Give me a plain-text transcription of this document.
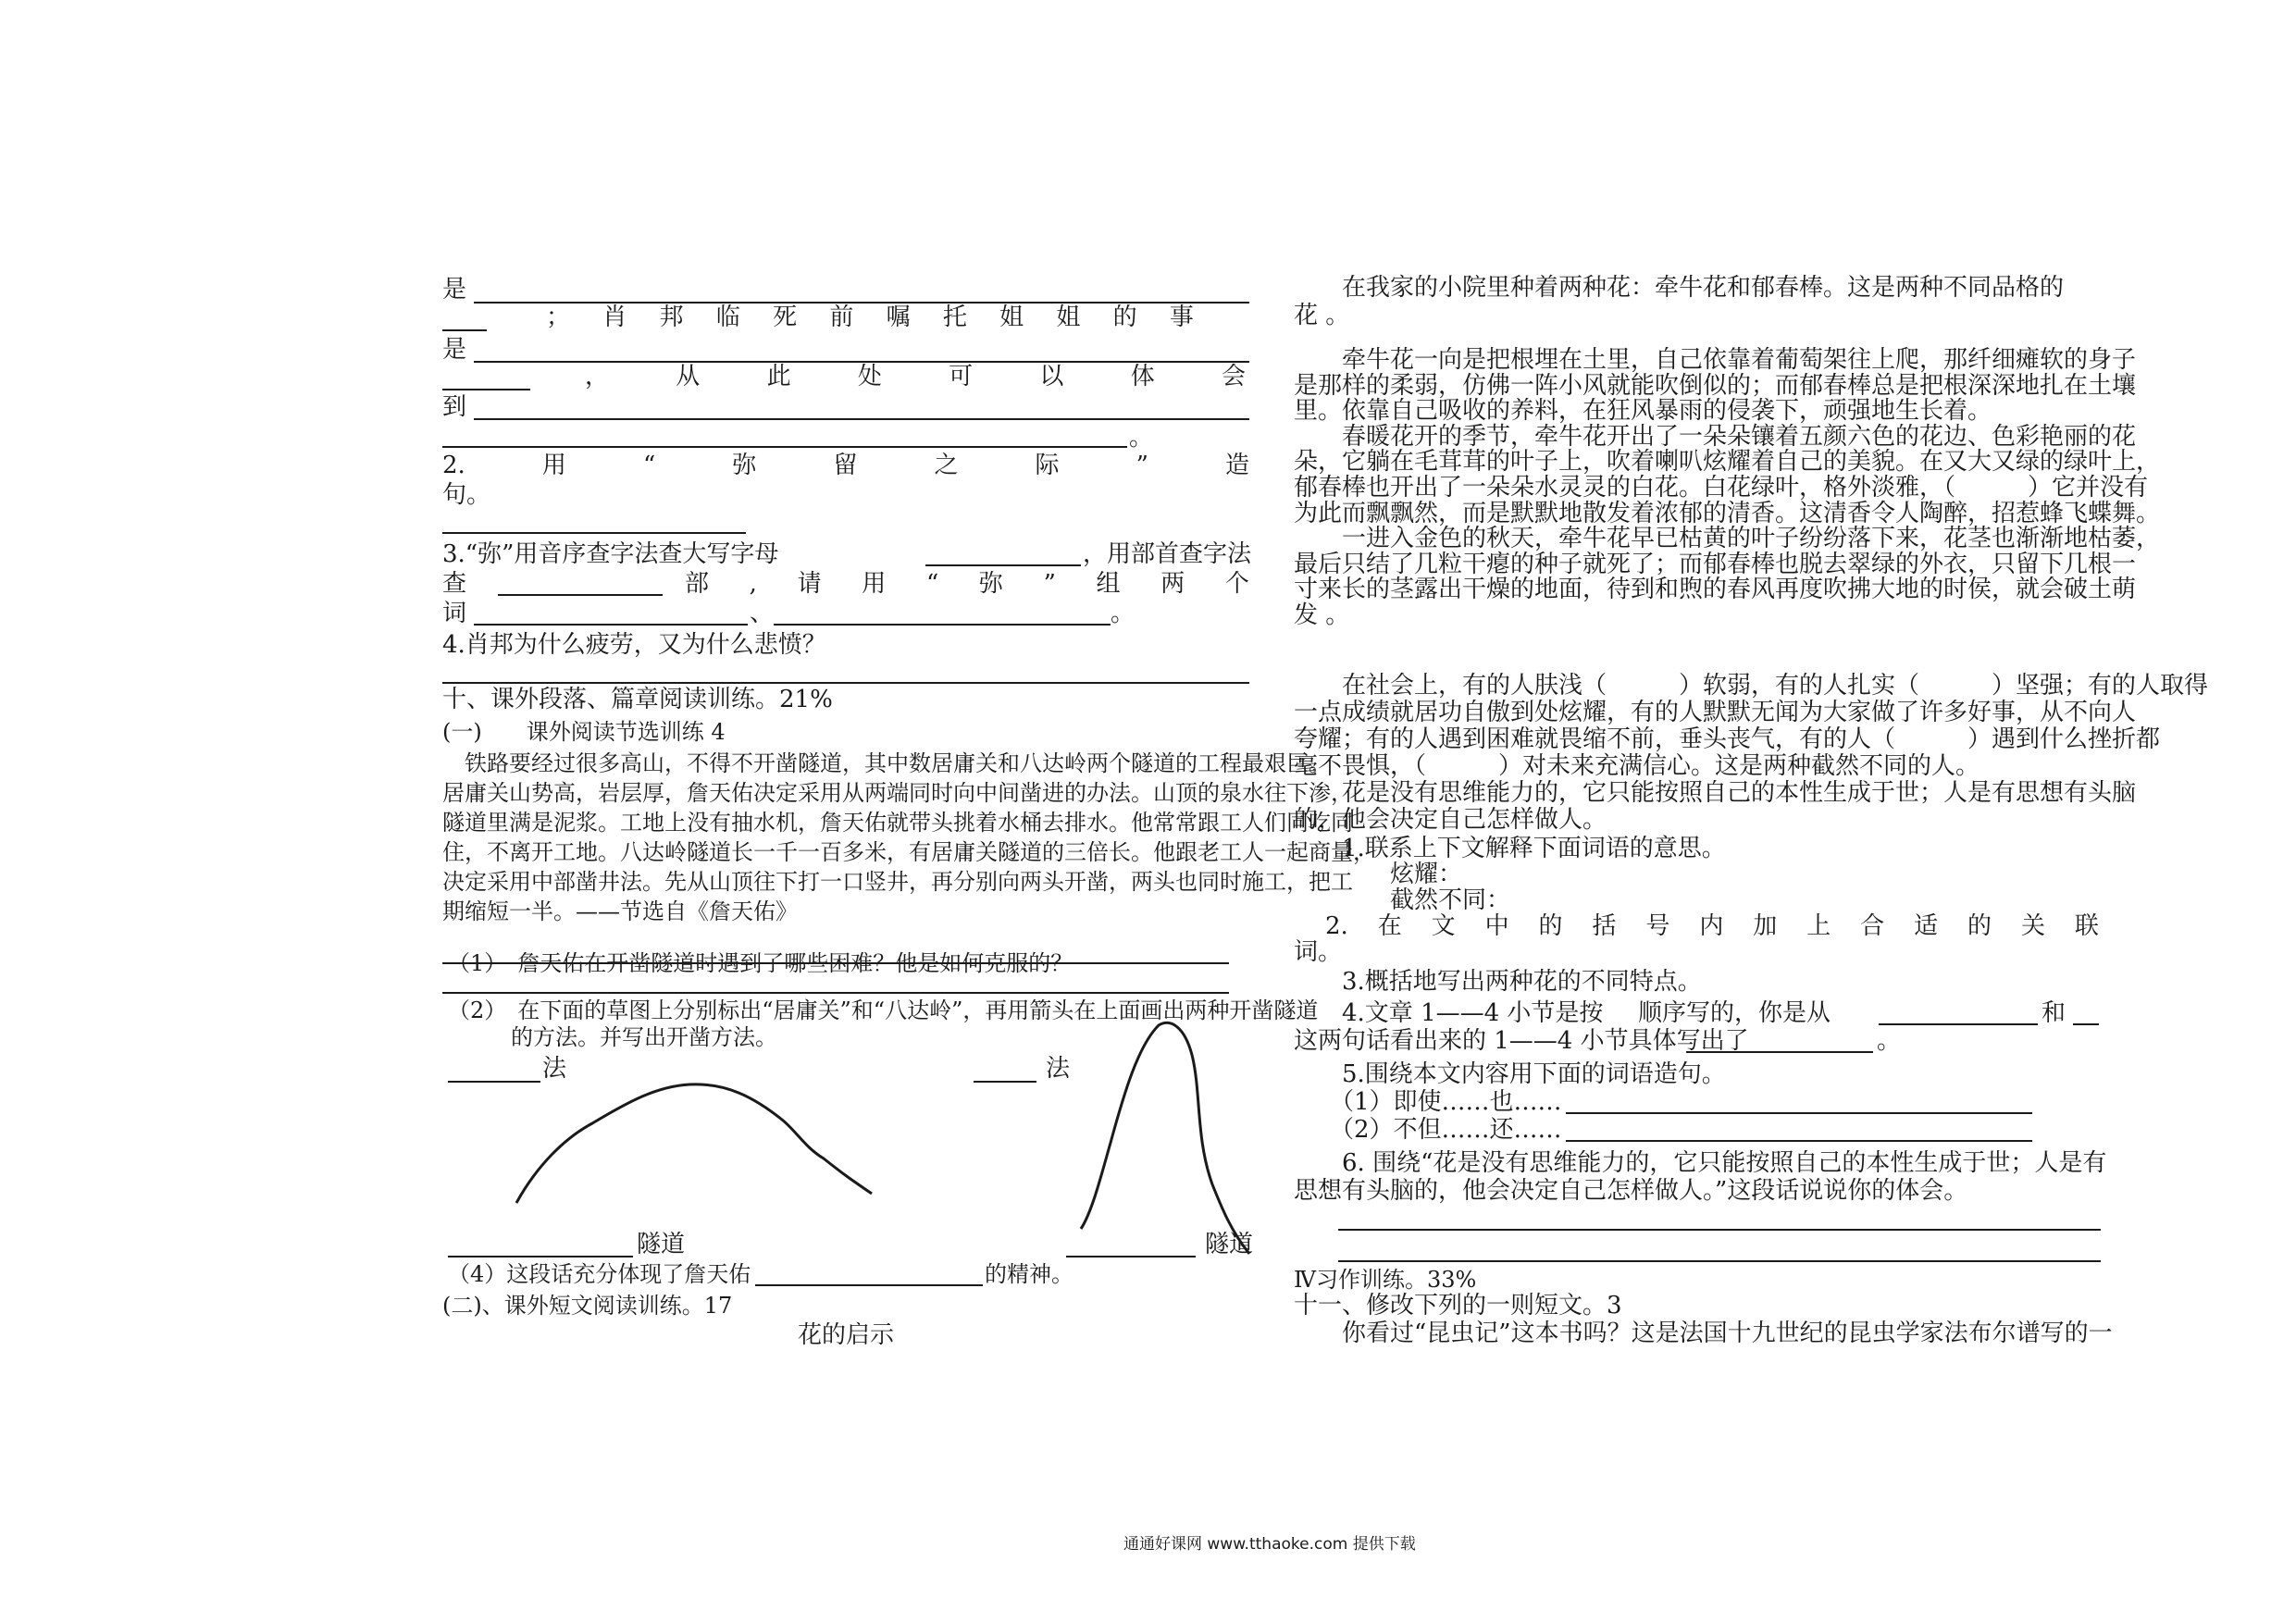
是
； 肖 邦 临 死 前 嘱 托 姐 姐 的 事
是
，	从	此	处	可	以	体	会
到
。
2.	用	“	弥	留	之	际	”	造
句。
3.“弥”用音序查字法查大写字母	，用部首查字法
查	部 , 请 用 “ 弥 ” 组 两 个
词	、	。
4.肖邦为什么疲劳，又为什么悲愤？
十、课外段落、篇章阅读训练。21%
(一)　　课外阅读节选训练 4
　铁路要经过很多高山，不得不开凿隧道，其中数居庸关和八达岭两个隧道的工程最艰巨。
居庸关山势高，岩层厚，詹天佑决定采用从两端同时向中间凿进的办法。山顶的泉水往下渗，
隧道里满是泥浆。工地上没有抽水机，詹天佑就带头挑着水桶去排水。他常常跟工人们同吃同
住，不离开工地。八达岭隧道长一千一百多米，有居庸关隧道的三倍长。他跟老工人一起商量，
决定采用中部凿井法。先从山顶往下打一口竖井，再分别向两头开凿，两头也同时施工，把工
期缩短一半。——节选自《詹天佑》
（1）　詹天佑在开凿隧道时遇到了哪些困难？他是如何克服的？
（2）　在下面的草图上分别标出“居庸关”和“八达岭”，再用箭头在上面画出两种开凿隧道
的方法。并写出开凿方法。
法	法
隧道	隧道
（4）这段话充分体现了詹天佑	的精神。
(二)、课外短文阅读训练。17
花的启示
　　在我家的小院里种着两种花：牵牛花和郁春棒。这是两种不同品格的
花 。
　　牵牛花一向是把根埋在土里，自己依靠着葡萄架往上爬，那纤细瘫软的身子
是那样的柔弱，仿佛一阵小风就能吹倒似的；而郁春棒总是把根深深地扎在土壤
里。依靠自己吸收的养料，在狂风暴雨的侵袭下，顽强地生长着。
　　春暖花开的季节，牵牛花开出了一朵朵镶着五颜六色的花边、色彩艳丽的花
朵，它躺在毛茸茸的叶子上，吹着喇叭炫耀着自己的美貌。在又大又绿的绿叶上，
郁春棒也开出了一朵朵水灵灵的白花。白花绿叶，格外淡雅，（　　　）它并没有
为此而飘飘然，而是默默地散发着浓郁的清香。这清香令人陶醉，招惹蜂飞蝶舞。
　　一进入金色的秋天，牵牛花早已枯黄的叶子纷纷落下来，花茎也渐渐地枯萎，
最后只结了几粒干瘪的种子就死了；而郁春棒也脱去翠绿的外衣，只留下几根一
寸来长的茎露出干燥的地面，待到和煦的春风再度吹拂大地的时侯，就会破土萌
发 。
　　在社会上，有的人肤浅（　　　）软弱，有的人扎实（　　　）坚强；有的人取得
一点成绩就居功自傲到处炫耀，有的人默默无闻为大家做了许多好事，从不向人
夸耀；有的人遇到困难就畏缩不前，垂头丧气，有的人（　　　）遇到什么挫折都
毫不畏惧，（　　　）对未来充满信心。这是两种截然不同的人。
　　花是没有思维能力的，它只能按照自己的本性生成于世；人是有思想有头脑
的，他会决定自己怎样做人。
　　1.联系上下文解释下面词语的意思。
　　　　炫耀：
　　　　截然不同：
2. 在 文 中 的 括 号 内 加 上 合 适 的 关 联
词。
　　3.概括地写出两种花的不同特点。
　　4.文章 1——4 小节是按 顺序写的，你是从	和
这两句话看出来的 1——4 小节具体写出了	。
　　5.围绕本文内容用下面的词语造句。
　　（1）即使……也……
　　（2）不但……还……
　　6. 围绕“花是没有思维能力的，它只能按照自己的本性生成于世；人是有
思想有头脑的，他会决定自己怎样做人。”这段话说说你的体会。
Ⅳ习作训练。33%
十一、修改下列的一则短文。3
　　你看过“昆虫记”这本书吗？这是法国十九世纪的昆虫学家法布尔谱写的一
通通好课网 www.tthaoke.com 提供下载
